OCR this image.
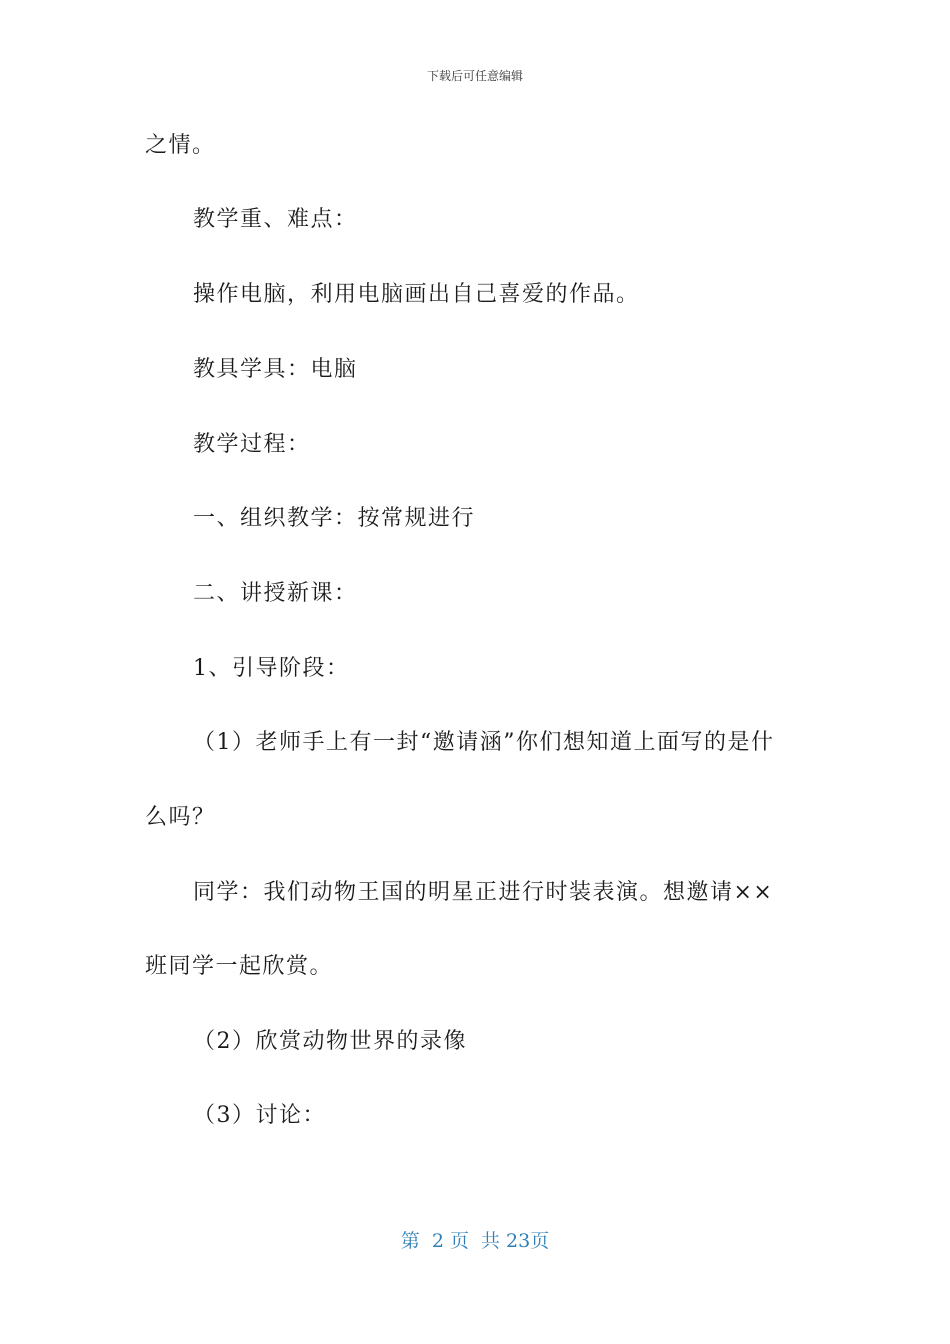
下载后可任意编辑
之情。
教学重、难点：
操作电脑，利用电脑画出自己喜爱的作品。
教具学具：电脑
教学过程：
一、组织教学：按常规进行
二、讲授新课：
1、引导阶段：
（1）老师手上有一封“邀请涵”你们想知道上面写的是什
么吗？
同学：我们动物王国的明星正进行时装表演。想邀请××
班同学一起欣赏。
（2）欣赏动物世界的录像
（3）讨论：
第  2 页  共 23页
